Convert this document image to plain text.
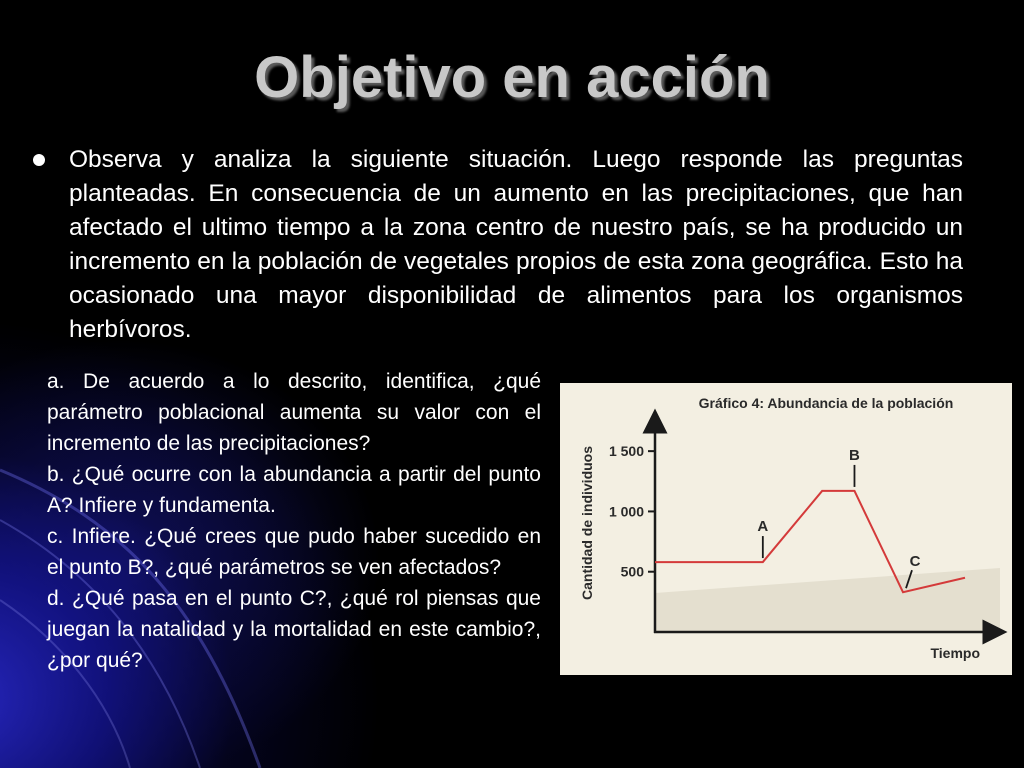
Objetivo en acción
Observa y analiza la siguiente situación. Luego responde las preguntas planteadas. En consecuencia de un aumento en las precipitaciones, que han afectado el ultimo tiempo a la zona centro de nuestro país, se ha producido un incremento en la población de vegetales propios de esta zona geográfica. Esto ha ocasionado una mayor disponibilidad de alimentos para los organismos herbívoros.

a. De acuerdo a lo descrito, identifica, ¿qué parámetro poblacional aumenta su valor con el incremento de las precipitaciones?

b. ¿Qué ocurre con la abundancia a partir del punto A? Infiere y fundamenta.

c. Infiere. ¿Qué crees que pudo haber sucedido en el punto B?, ¿qué parámetros se ven afectados?

d. ¿Qué pasa en el punto C?, ¿qué rol piensas que juegan la natalidad y la mortalidad en este cambio?, ¿por qué?

Gráfico 4: Abundancia de la población
Cantidad de individuos
Tiempo
500
1 000
1 500
A
B
C
